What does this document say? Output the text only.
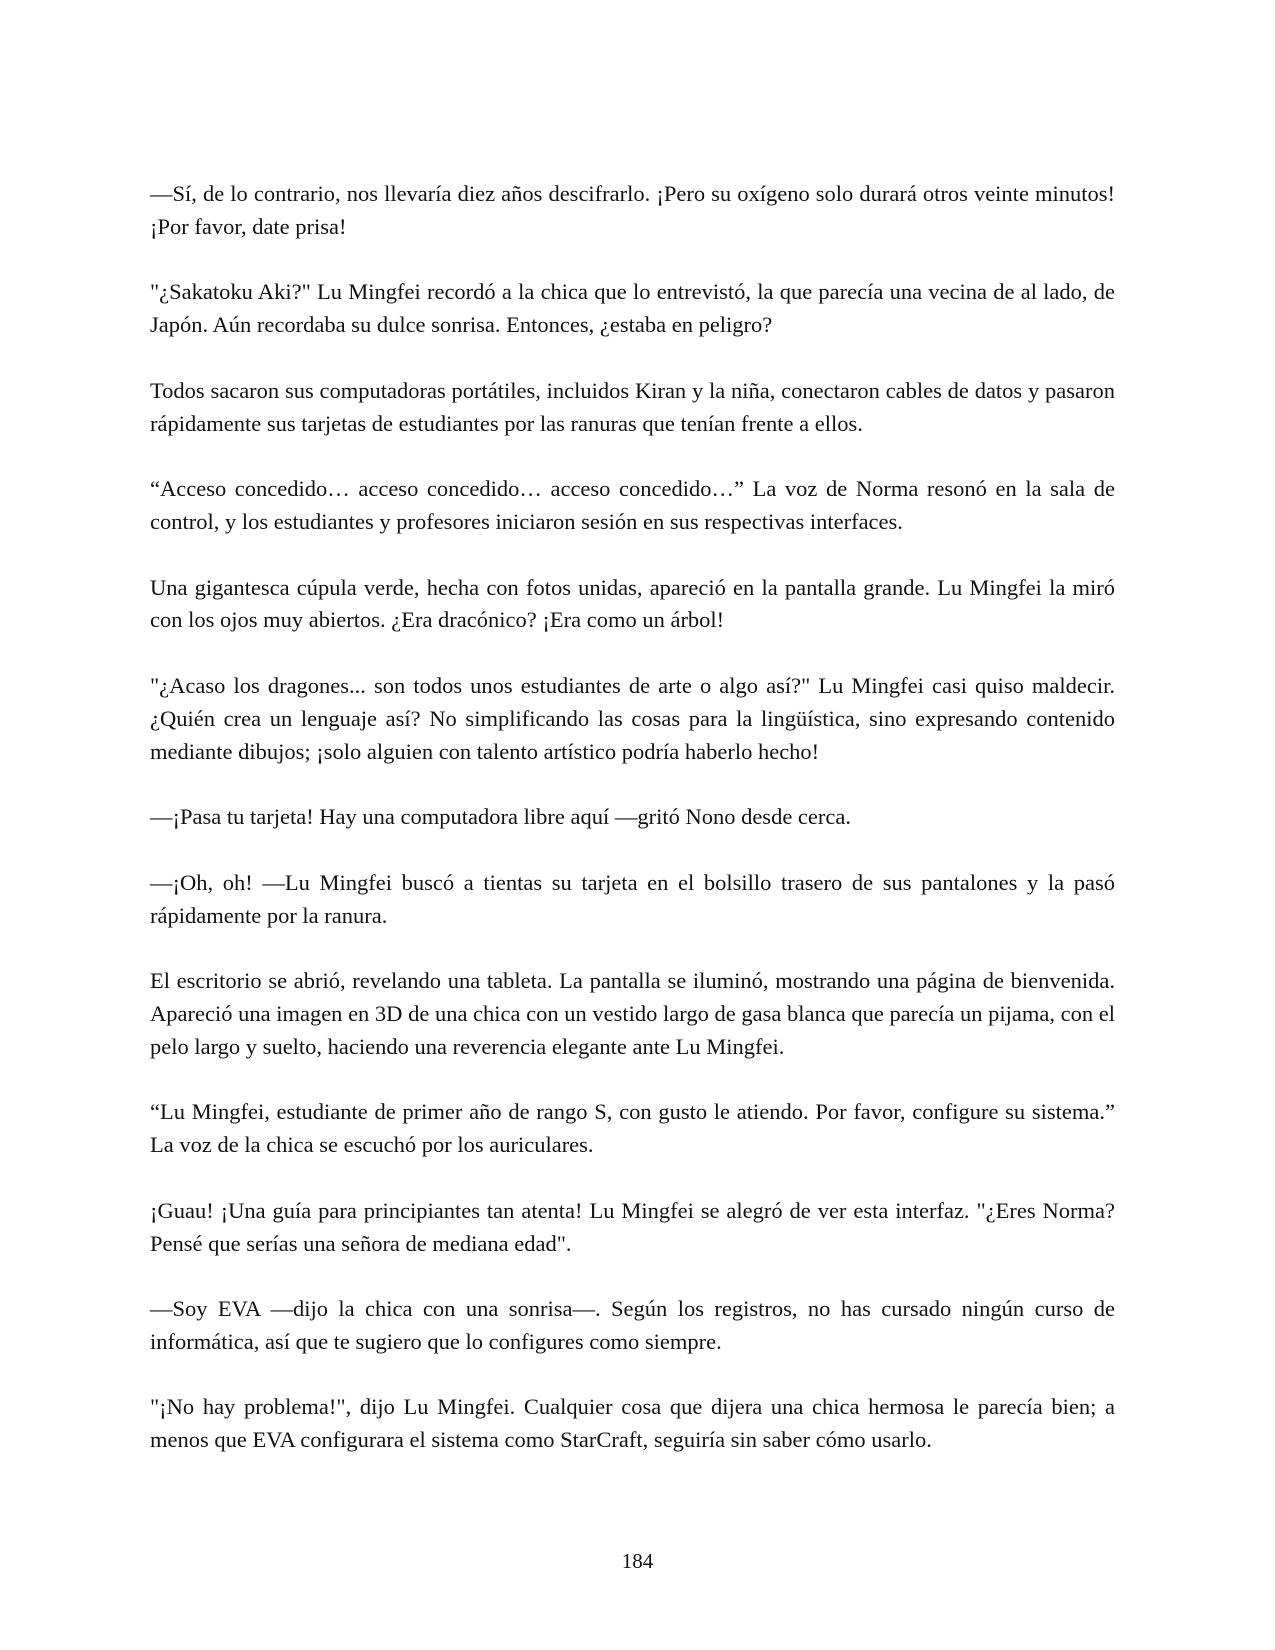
—Sí, de lo contrario, nos llevaría diez años descifrarlo. ¡Pero su oxígeno solo durará otros veinte minutos! ¡Por favor, date prisa!

"¿Sakatoku Aki?" Lu Mingfei recordó a la chica que lo entrevistó, la que parecía una vecina de al lado, de Japón. Aún recordaba su dulce sonrisa. Entonces, ¿estaba en peligro?

Todos sacaron sus computadoras portátiles, incluidos Kiran y la niña, conectaron cables de datos y pasaron rápidamente sus tarjetas de estudiantes por las ranuras que tenían frente a ellos.

“Acceso concedido… acceso concedido… acceso concedido…” La voz de Norma resonó en la sala de control, y los estudiantes y profesores iniciaron sesión en sus respectivas interfaces.

Una gigantesca cúpula verde, hecha con fotos unidas, apareció en la pantalla grande. Lu Mingfei la miró con los ojos muy abiertos. ¿Era dracónico? ¡Era como un árbol!

"¿Acaso los dragones... son todos unos estudiantes de arte o algo así?" Lu Mingfei casi quiso maldecir. ¿Quién crea un lenguaje así? No simplificando las cosas para la lingüística, sino expresando contenido mediante dibujos; ¡solo alguien con talento artístico podría haberlo hecho!

—¡Pasa tu tarjeta! Hay una computadora libre aquí —gritó Nono desde cerca.

—¡Oh, oh! —Lu Mingfei buscó a tientas su tarjeta en el bolsillo trasero de sus pantalones y la pasó rápidamente por la ranura.

El escritorio se abrió, revelando una tableta. La pantalla se iluminó, mostrando una página de bienvenida. Apareció una imagen en 3D de una chica con un vestido largo de gasa blanca que parecía un pijama, con el pelo largo y suelto, haciendo una reverencia elegante ante Lu Mingfei.

“Lu Mingfei, estudiante de primer año de rango S, con gusto le atiendo. Por favor, configure su sistema.” La voz de la chica se escuchó por los auriculares.

¡Guau! ¡Una guía para principiantes tan atenta! Lu Mingfei se alegró de ver esta interfaz. "¿Eres Norma? Pensé que serías una señora de mediana edad".

—Soy EVA —dijo la chica con una sonrisa—. Según los registros, no has cursado ningún curso de informática, así que te sugiero que lo configures como siempre.

"¡No hay problema!", dijo Lu Mingfei. Cualquier cosa que dijera una chica hermosa le parecía bien; a menos que EVA configurara el sistema como StarCraft, seguiría sin saber cómo usarlo.

184
